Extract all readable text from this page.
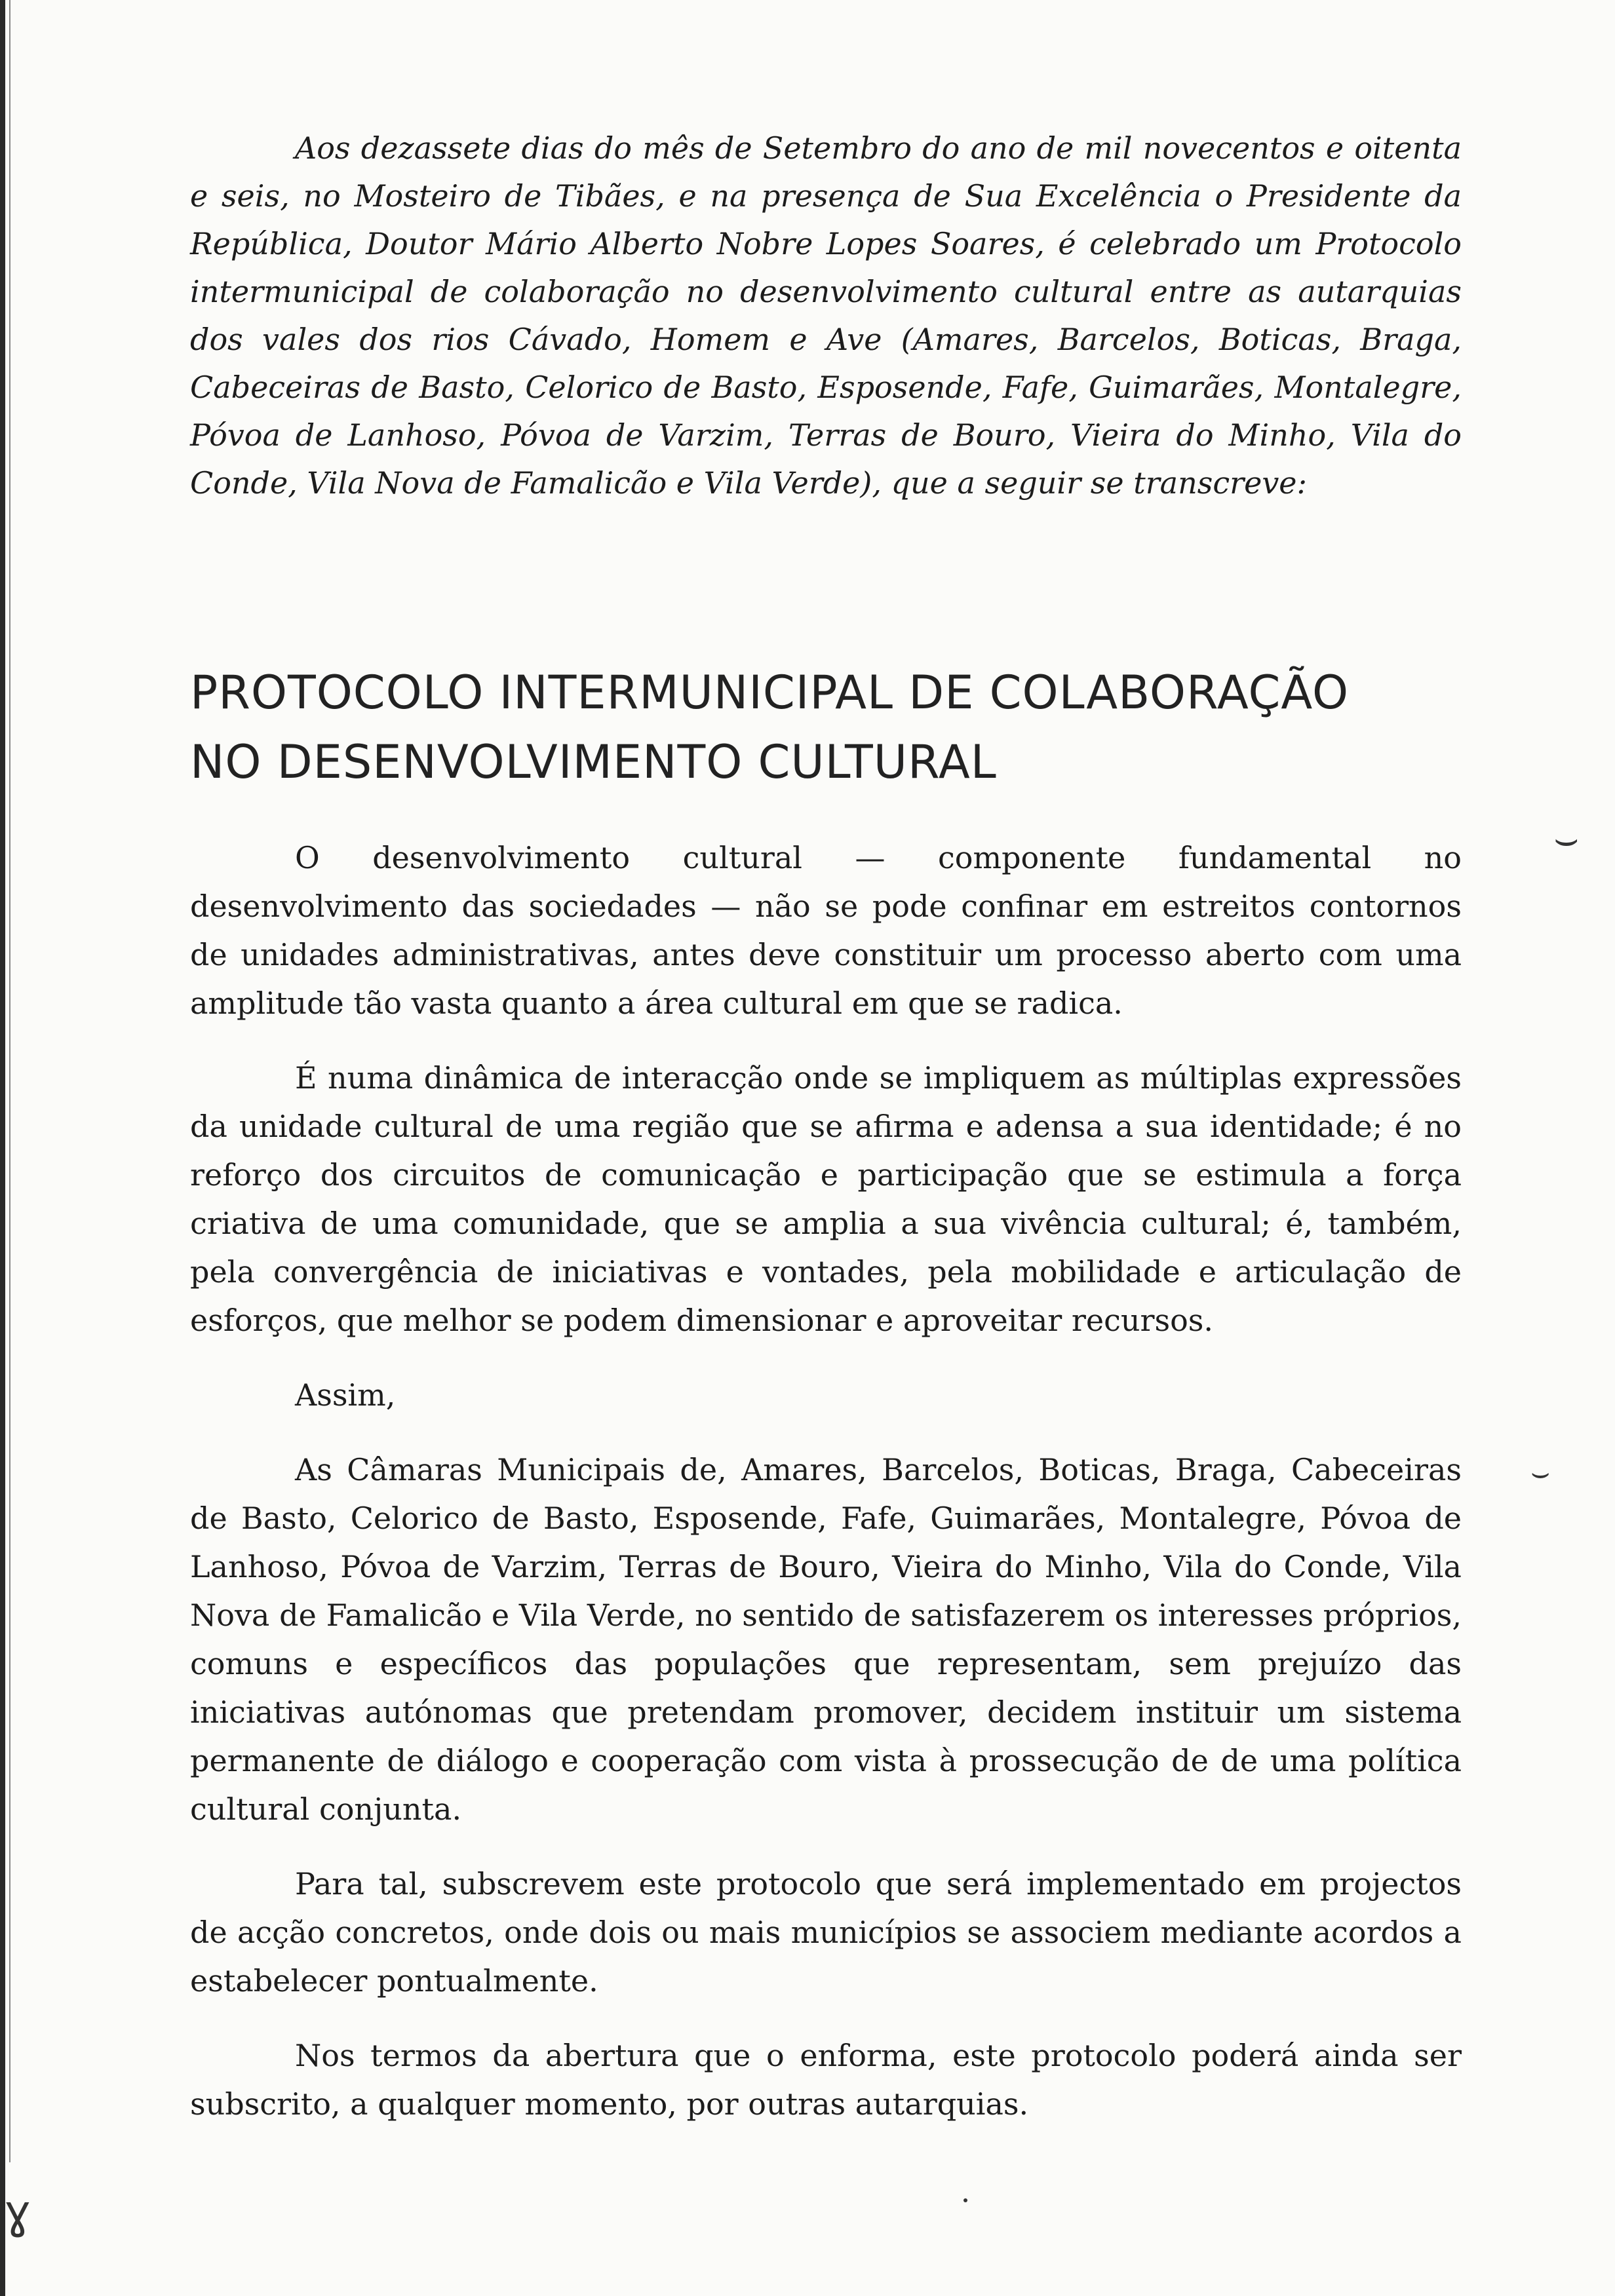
Aos dezassete dias do mês de Setembro do ano de mil novecentos e oitenta e seis, no Mosteiro de Tibães, e na presença de Sua Excelência o Presidente da República, Doutor Mário Alberto Nobre Lopes Soares, é celebrado um Protocolo intermunicipal de colaboração no desenvolvimento cultural entre as autarquias dos vales dos rios Cávado, Homem e Ave (Amares, Barcelos, Boticas, Braga, Cabeceiras de Basto, Celorico de Basto, Esposende, Fafe, Guimarães, Montalegre, Póvoa de Lanhoso, Póvoa de Varzim, Terras de Bouro, Vieira do Minho, Vila do Conde, Vila Nova de Famalicão e Vila Verde), que a seguir se transcreve:

PROTOCOLO INTERMUNICIPAL DE COLABORAÇÃO
NO DESENVOLVIMENTO CULTURAL

O desenvolvimento cultural — componente fundamental no desenvolvimento das sociedades — não se pode confinar em estreitos contornos de unidades administrativas, antes deve constituir um processo aberto com uma amplitude tão vasta quanto a área cultural em que se radica.

É numa dinâmica de interacção onde se impliquem as múltiplas expressões da unidade cultural de uma região que se afirma e adensa a sua identidade; é no reforço dos circuitos de comunicação e participação que se estimula a força criativa de uma comunidade, que se amplia a sua vivência cultural; é, também, pela convergência de iniciativas e vontades, pela mobilidade e articulação de esforços, que melhor se podem dimensionar e aproveitar recursos.

Assim,

As Câmaras Municipais de, Amares, Barcelos, Boticas, Braga, Cabeceiras de Basto, Celorico de Basto, Esposende, Fafe, Guimarães, Montalegre, Póvoa de Lanhoso, Póvoa de Varzim, Terras de Bouro, Vieira do Minho, Vila do Conde, Vila Nova de Famalicão e Vila Verde, no sentido de satisfazerem os interesses próprios, comuns e específicos das populações que representam, sem prejuízo das iniciativas autónomas que pretendam promover, decidem instituir um sistema permanente de diálogo e cooperação com vista à prossecução de de uma política cultural conjunta.

Para tal, subscrevem este protocolo que será implementado em projectos de acção concretos, onde dois ou mais municípios se associem mediante acordos a estabelecer pontualmente.

Nos termos da abertura que o enforma, este protocolo poderá ainda ser subscrito, a qualquer momento, por outras autarquias.

⌣
⌣
ɣ
